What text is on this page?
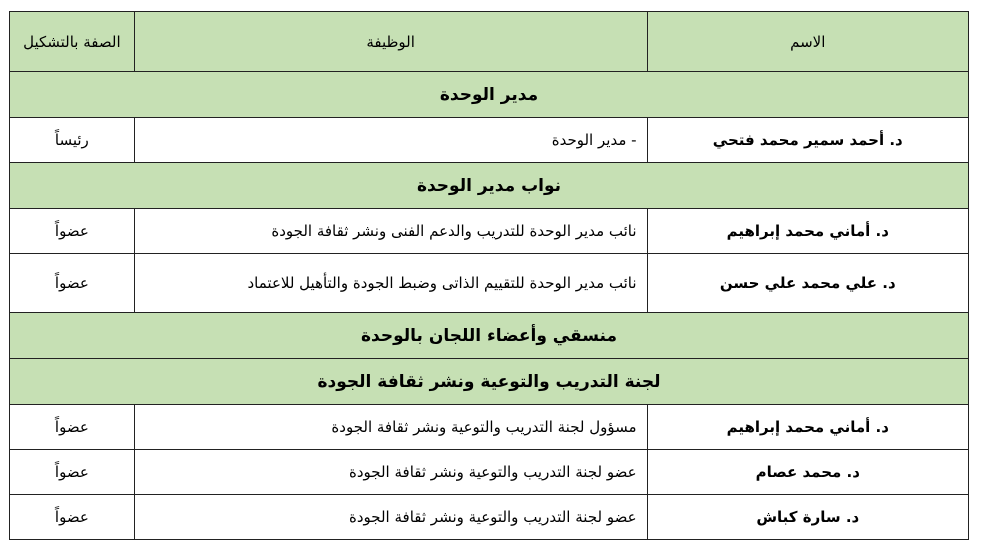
الاسم	الوظيفة	الصفة بالتشكيل
مدير الوحدة		
د. أحمد سمير محمد فتحي	- مدير الوحدة	رئيساً
نواب مدير الوحدة		
د. أماني محمد إبراهيم	نائب مدير الوحدة للتدريب والدعم الفنى ونشر ثقافة الجودة	عضواً
د. علي محمد علي حسن	نائب مدير الوحدة للتقييم الذاتى وضبط الجودة والتأهيل للاعتماد	عضواً
منسقي وأعضاء اللجان بالوحدة		
لجنة التدريب والتوعية ونشر ثقافة الجودة		
د. أماني محمد إبراهيم	مسؤول لجنة التدريب والتوعية ونشر ثقافة الجودة	عضواً
د. محمد عصام	عضو لجنة التدريب والتوعية ونشر ثقافة الجودة	عضواً
د. سارة كباش	عضو لجنة التدريب والتوعية ونشر ثقافة الجودة	عضواً
